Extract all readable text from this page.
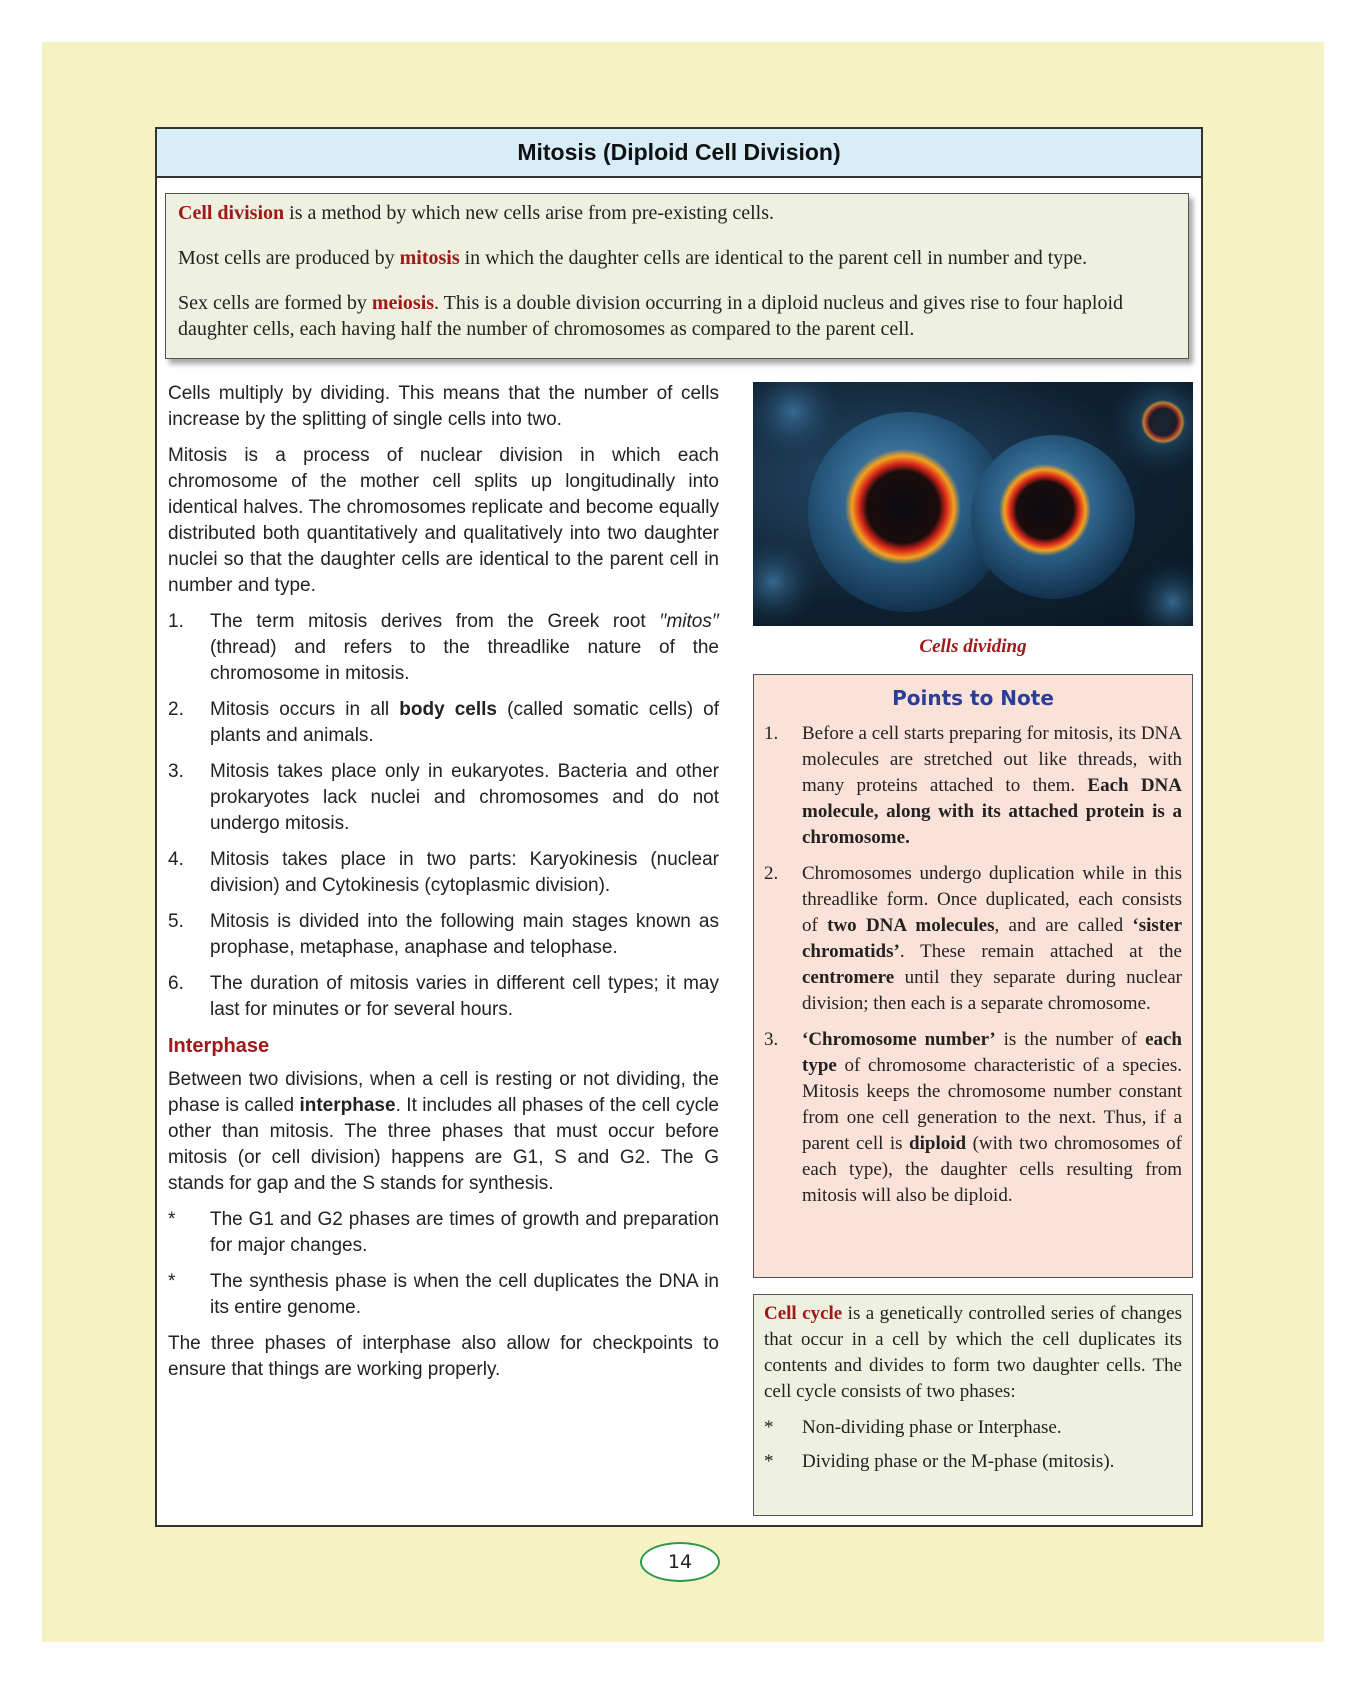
Mitosis (Diploid Cell Division)

Cell division is a method by which new cells arise from pre-existing cells.

Most cells are produced by mitosis in which the daughter cells are identical to the parent cell in number and type.

Sex cells are formed by meiosis. This is a double division occurring in a diploid nucleus and gives rise to four haploid daughter cells, each having half the number of chromosomes as compared to the parent cell.

Cells multiply by dividing. This means that the number of cells increase by the splitting of single cells into two.

Mitosis is a process of nuclear division in which each chromosome of the mother cell splits up longitudinally into identical halves. The chromosomes replicate and become equally distributed both quantitatively and qualitatively into two daughter nuclei so that the daughter cells are identical to the parent cell in number and type.

1.	The term mitosis derives from the Greek root ′′mitos′′ (thread) and refers to the threadlike nature of the chromosome in mitosis.
2.	Mitosis occurs in all body cells (called somatic cells) of plants and animals.
3.	Mitosis takes place only in eukaryotes. Bacteria and other prokaryotes lack nuclei and chromosomes and do not undergo mitosis.
4.	Mitosis takes place in two parts: Karyokinesis (nuclear division) and Cytokinesis (cytoplasmic division).
5.	Mitosis is divided into the following main stages known as prophase, metaphase, anaphase and telophase.
6.	The duration of mitosis varies in different cell types; it may last for minutes or for several hours.
Interphase

Between two divisions, when a cell is resting or not dividing, the phase is called interphase. It includes all phases of the cell cycle other than mitosis. The three phases that must occur before mitosis (or cell division) happens are G1, S and G2. The G stands for gap and the S stands for synthesis.

*	The G1 and G2 phases are times of growth and preparation for major changes.
*	The synthesis phase is when the cell duplicates the DNA in its entire genome.

The three phases of interphase also allow for checkpoints to ensure that things are working properly.

Cells dividing
Points to Note
1.	Before a cell starts preparing for mitosis, its DNA molecules are stretched out like threads, with many proteins attached to them. Each DNA molecule, along with its attached protein is a chromosome.
2.	Chromosomes undergo duplication while in this threadlike form. Once duplicated, each consists of two DNA molecules, and are called ‘sister chromatids’. These remain attached at the centromere until they separate during nuclear division; then each is a separate chromosome.
3.	‘Chromosome number’ is the number of each type of chromosome characteristic of a species. Mitosis keeps the chromosome number constant from one cell generation to the next. Thus, if a parent cell is diploid (with two chromosomes of each type), the daughter cells resulting from mitosis will also be diploid.

Cell cycle is a genetically controlled series of changes that occur in a cell by which the cell duplicates its contents and divides to form two daughter cells. The cell cycle consists of two phases:

*	Non-dividing phase or Interphase.
*	Dividing phase or the M-phase (mitosis).
14
